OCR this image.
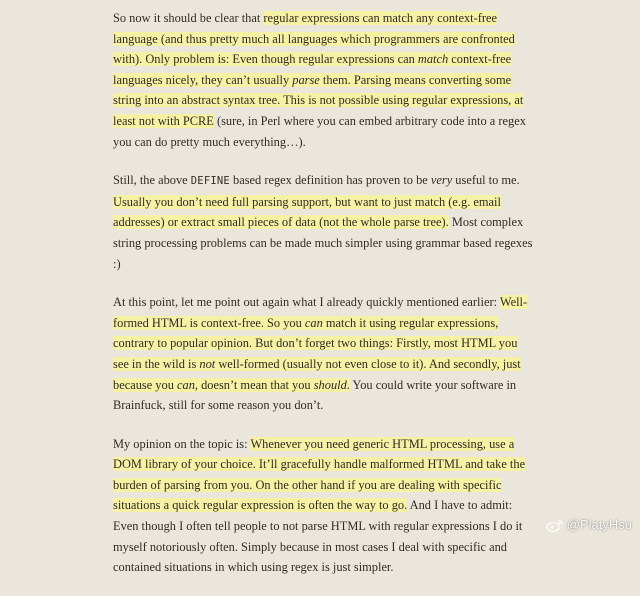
So now it should be clear that regular expressions can match any context-free language (and thus pretty much all languages which programmers are confronted with). Only problem is: Even though regular expressions can match context-free languages nicely, they can’t usually parse them. Parsing means converting some string into an abstract syntax tree. This is not possible using regular expressions, at least not with PCRE (sure, in Perl where you can embed arbitrary code into a regex you can do pretty much everything…).

Still, the above DEFINE based regex definition has proven to be very useful to me. Usually you don’t need full parsing support, but want to just match (e.g. email addresses) or extract small pieces of data (not the whole parse tree). Most complex string processing problems can be made much simpler using grammar based regexes :)

At this point, let me point out again what I already quickly mentioned earlier: Well-formed HTML is context-free. So you can match it using regular expressions, contrary to popular opinion. But don’t forget two things: Firstly, most HTML you see in the wild is not well-formed (usually not even close to it). And secondly, just because you can, doesn’t mean that you should. You could write your software in Brainfuck, still for some reason you don’t.

My opinion on the topic is: Whenever you need generic HTML processing, use a DOM library of your choice. It’ll gracefully handle malformed HTML and take the burden of parsing from you. On the other hand if you are dealing with specific situations a quick regular expression is often the way to go. And I have to admit: Even though I often tell people to not parse HTML with regular expressions I do it myself notoriously often. Simply because in most cases I deal with specific and contained situations in which using regex is just simpler.

@PlatyHsu
